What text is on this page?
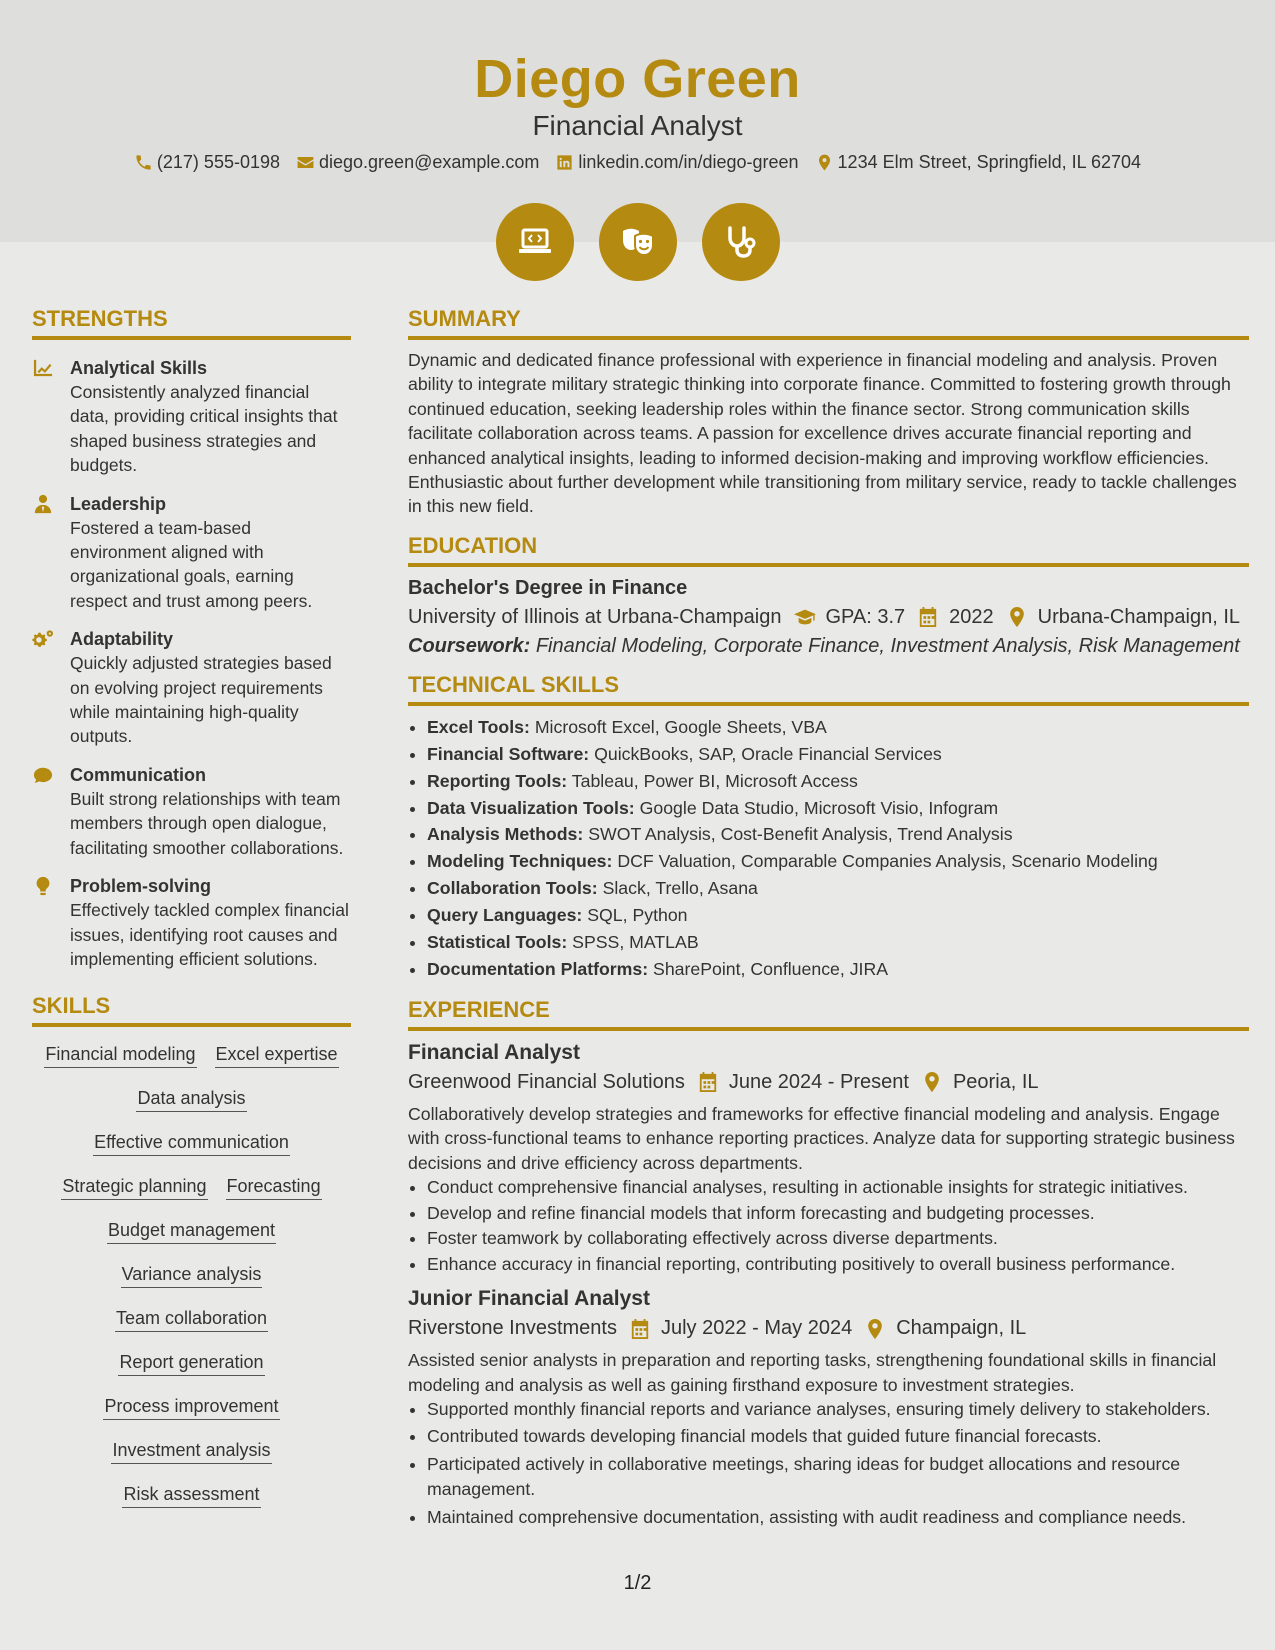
Diego Green
Financial Analyst
(217) 555-0198 diego.green@example.com linkedin.com/in/diego-green 1234 Elm Street, Springfield, IL 62704
STRENGTHS
Analytical Skills

Consistently analyzed financial data, providing critical insights that shaped business strategies and budgets.

Leadership

Fostered a team-based environment aligned with organizational goals, earning respect and trust among peers.

Adaptability

Quickly adjusted strategies based on evolving project requirements while maintaining high-quality outputs.

Communication

Built strong relationships with team members through open dialogue, facilitating smoother collaborations.

Problem-solving

Effectively tackled complex financial issues, identifying root causes and implementing efficient solutions.

SKILLS
Financial modeling Excel expertise
Data analysis
Effective communication
Strategic planning Forecasting
Budget management
Variance analysis
Team collaboration
Report generation
Process improvement
Investment analysis
Risk assessment
SUMMARY

Dynamic and dedicated finance professional with experience in financial modeling and analysis. Proven ability to integrate military strategic thinking into corporate finance. Committed to fostering growth through continued education, seeking leadership roles within the finance sector. Strong communication skills facilitate collaboration across teams. A passion for excellence drives accurate financial reporting and enhanced analytical insights, leading to informed decision-making and improving workflow efficiencies. Enthusiastic about further development while transitioning from military service, ready to tackle challenges in this new field.

EDUCATION
Bachelor's Degree in Finance
University of Illinois at Urbana-Champaign GPA: 3.7 2022 Urbana-Champaign, IL
Coursework: Financial Modeling, Corporate Finance, Investment Analysis, Risk Management
TECHNICAL SKILLS
• Excel Tools: Microsoft Excel, Google Sheets, VBA
• Financial Software: QuickBooks, SAP, Oracle Financial Services
• Reporting Tools: Tableau, Power BI, Microsoft Access
• Data Visualization Tools: Google Data Studio, Microsoft Visio, Infogram
• Analysis Methods: SWOT Analysis, Cost-Benefit Analysis, Trend Analysis
• Modeling Techniques: DCF Valuation, Comparable Companies Analysis, Scenario Modeling
• Collaboration Tools: Slack, Trello, Asana
• Query Languages: SQL, Python
• Statistical Tools: SPSS, MATLAB
• Documentation Platforms: SharePoint, Confluence, JIRA
EXPERIENCE
Financial Analyst
Greenwood Financial Solutions June 2024 - Present Peoria, IL

Collaboratively develop strategies and frameworks for effective financial modeling and analysis. Engage with cross-functional teams to enhance reporting practices. Analyze data for supporting strategic business decisions and drive efficiency across departments.

• Conduct comprehensive financial analyses, resulting in actionable insights for strategic initiatives.
• Develop and refine financial models that inform forecasting and budgeting processes.
• Foster teamwork by collaborating effectively across diverse departments.
• Enhance accuracy in financial reporting, contributing positively to overall business performance.
Junior Financial Analyst
Riverstone Investments July 2022 - May 2024 Champaign, IL

Assisted senior analysts in preparation and reporting tasks, strengthening foundational skills in financial modeling and analysis as well as gaining firsthand exposure to investment strategies.

• Supported monthly financial reports and variance analyses, ensuring timely delivery to stakeholders.
• Contributed towards developing financial models that guided future financial forecasts.
• Participated actively in collaborative meetings, sharing ideas for budget allocations and resource management.
• Maintained comprehensive documentation, assisting with audit readiness and compliance needs.
1/2
